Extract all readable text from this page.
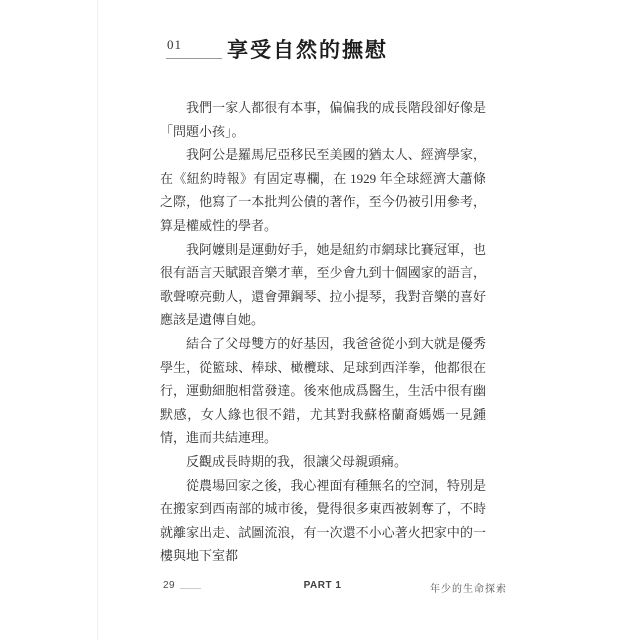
01	享受自然的撫慰

我們一家人都很有本事，偏偏我的成長階段卻好像是「問題小孩」。

我阿公是羅馬尼亞移民至美國的猶太人、經濟學家，在《紐約時報》有固定專欄，在 1929 年全球經濟大蕭條之際，他寫了一本批判公債的著作，至今仍被引用參考，算是權威性的學者。

我阿嬤則是運動好手，她是紐約市網球比賽冠軍，也很有語言天賦跟音樂才華，至少會九到十個國家的語言，歌聲嘹亮動人，還會彈鋼琴、拉小提琴，我對音樂的喜好應該是遺傳自她。

結合了父母雙方的好基因，我爸爸從小到大就是優秀學生，從籃球、棒球、橄欖球、足球到西洋拳，他都很在行，運動細胞相當發達。後來他成爲醫生，生活中很有幽默感，女人緣也很不錯，尤其對我蘇格蘭裔媽媽一見鍾情，進而共結連理。

反觀成長時期的我，很讓父母親頭痛。

從農場回家之後，我心裡面有種無名的空洞，特別是在搬家到西南部的城市後，覺得很多東西被剝奪了，不時就離家出走、試圖流浪，有一次還不小心著火把家中的一樓與地下室都

29	PART 1	年少的生命探索
